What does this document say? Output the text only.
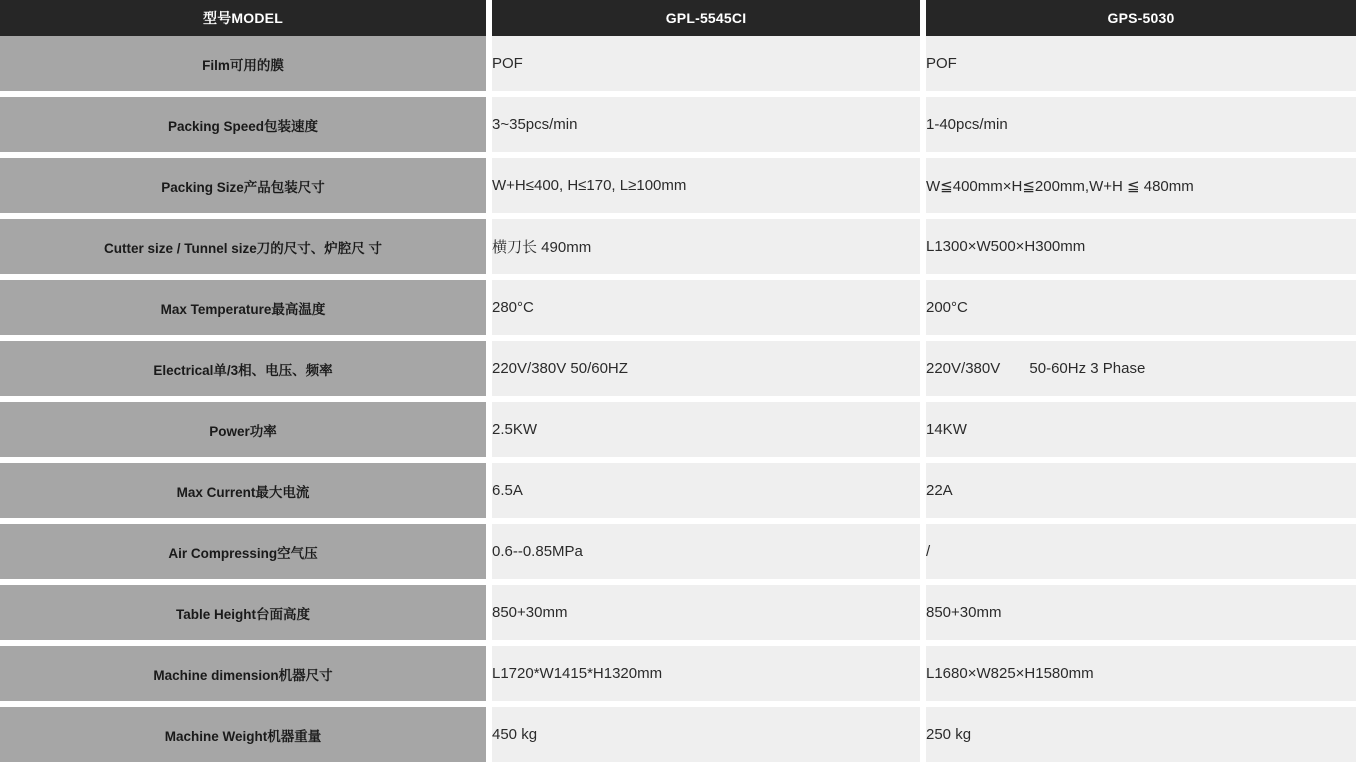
型号MODEL	GPL-5545CI	GPS-5030
Film可用的膜	POF	POF
Packing Speed包装速度	3~35pcs/min	1-40pcs/min
Packing Size产品包装尺寸	W+H≤400, H≤170, L≥100mm	W≦400mm×H≦200mm,W+H ≦ 480mm
Cutter size / Tunnel size刀的尺寸、炉腔尺 寸	横刀长 490mm	L1300×W500×H300mm
Max Temperature最高温度	280°C	200°C
Electrical单/3相、电压、频率	220V/380V 50/60HZ	220V/380V       50-60Hz 3 Phase
Power功率	2.5KW	14KW
Max Current最大电流	6.5A	22A
Air Compressing空气压	0.6--0.85MPa	/
Table Height台面高度	850+30mm	850+30mm
Machine dimension机器尺寸	L1720*W1415*H1320mm	L1680×W825×H1580mm
Machine Weight机器重量	450 kg	250 kg
